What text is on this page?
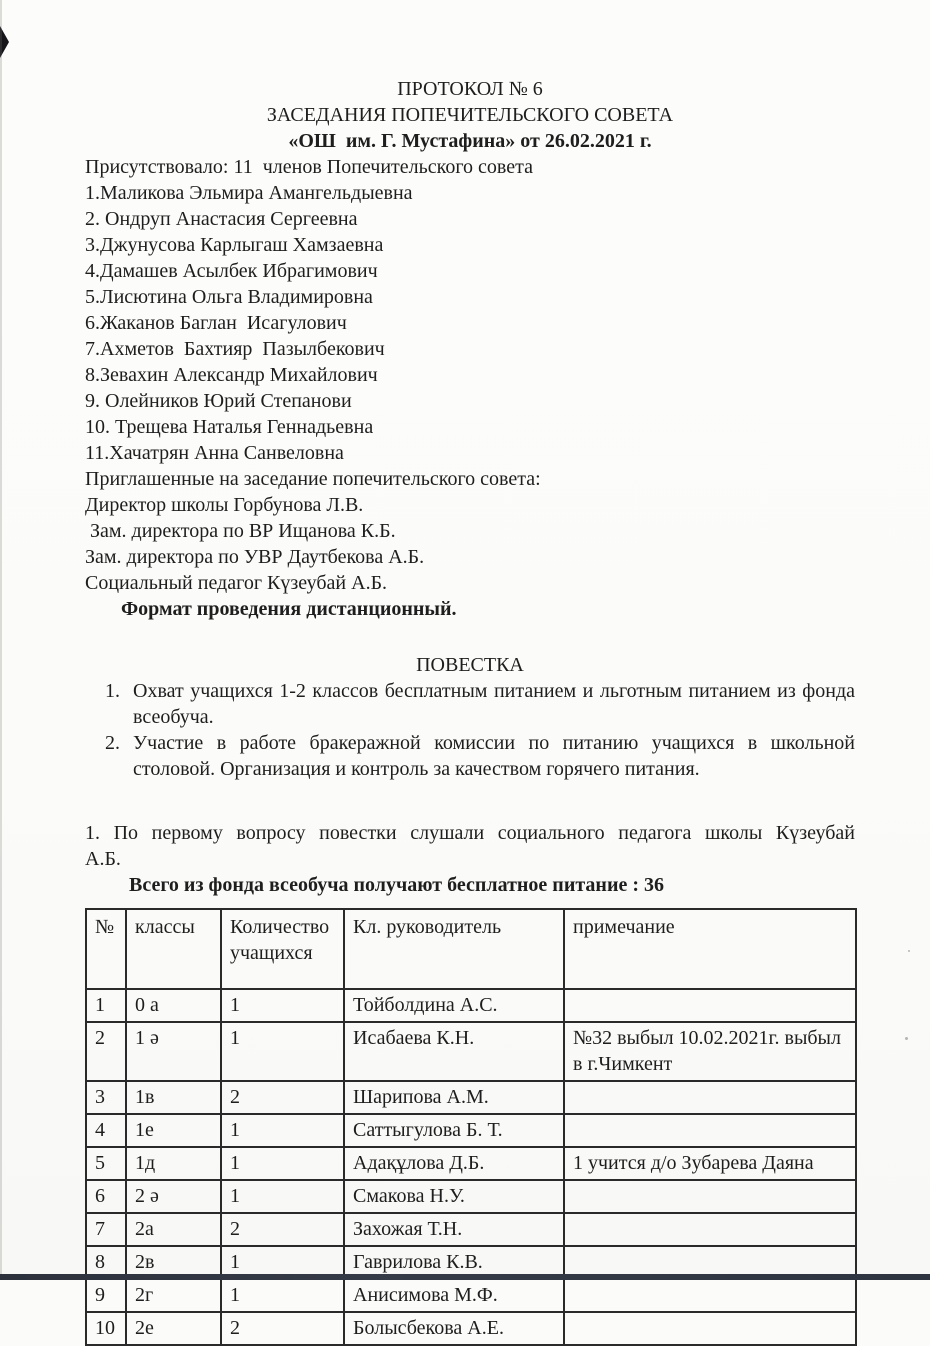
ПРОТОКОЛ № 6
ЗАСЕДАНИЯ ПОПЕЧИТЕЛЬСКОГО СОВЕТА
«ОШ  им. Г. Мустафина» от 26.02.2021 г.
Присутствовало: 11  членов Попечительского совета
1.Маликова Эльмира Амангельдыевна
2. Ондруп Анастасия Сергеевна
3.Джунусова Карлыгаш Хамзаевна
4.Дамашев Асылбек Ибрагимович
5.Лисютина Ольга Владимировна
6.Жаканов Баглан  Исагулович
7.Ахметов  Бахтияр  Пазылбекович
8.Зевахин Александр Михайлович
9. Олейников Юрий Степанови
10. Трещева Наталья Геннадьевна
11.Хачатрян Анна Санвеловна
Приглашенные на заседание попечительского совета:
Директор школы Горбунова Л.В.
Зам. директора по ВР Ищанова К.Б.
Зам. директора по УВР Даутбекова А.Б.
Социальный педагог Күзеубай А.Б.
Формат проведения дистанционный.
ПОВЕСТКА
1. Охват учащихся 1-2 классов бесплатным питанием и льготным питанием из фонда всеобуча.
2. Участие в работе бракеражной комиссии по питанию учащихся в школьной столовой. Организация и контроль за качеством горячего питания.
1. По первому вопросу повестки слушали социального педагога школы Күзеубай А.Б.
Всего из фонда всеобуча получают бесплатное питание : 36
№	классы	Количество учащихся	Кл. руководитель	примечание
1	0 а	1	Тойболдина А.С.	
2	1 ә	1	Исабаева К.Н.	№32 выбыл 10.02.2021г. выбыл в г.Чимкент
3	1в	2	Шарипова А.М.	
4	1е	1	Саттыгулова Б. Т.	
5	1д	1	Адақұлова Д.Б.	1 учится д/о Зубарева Даяна
6	2 ә	1	Смакова Н.У.	
7	2а	2	Захожая Т.Н.	
8	2в	1	Гаврилова К.В.	
9	2г	1	Анисимова М.Ф.	
10	2е	2	Болысбекова А.Е.	
